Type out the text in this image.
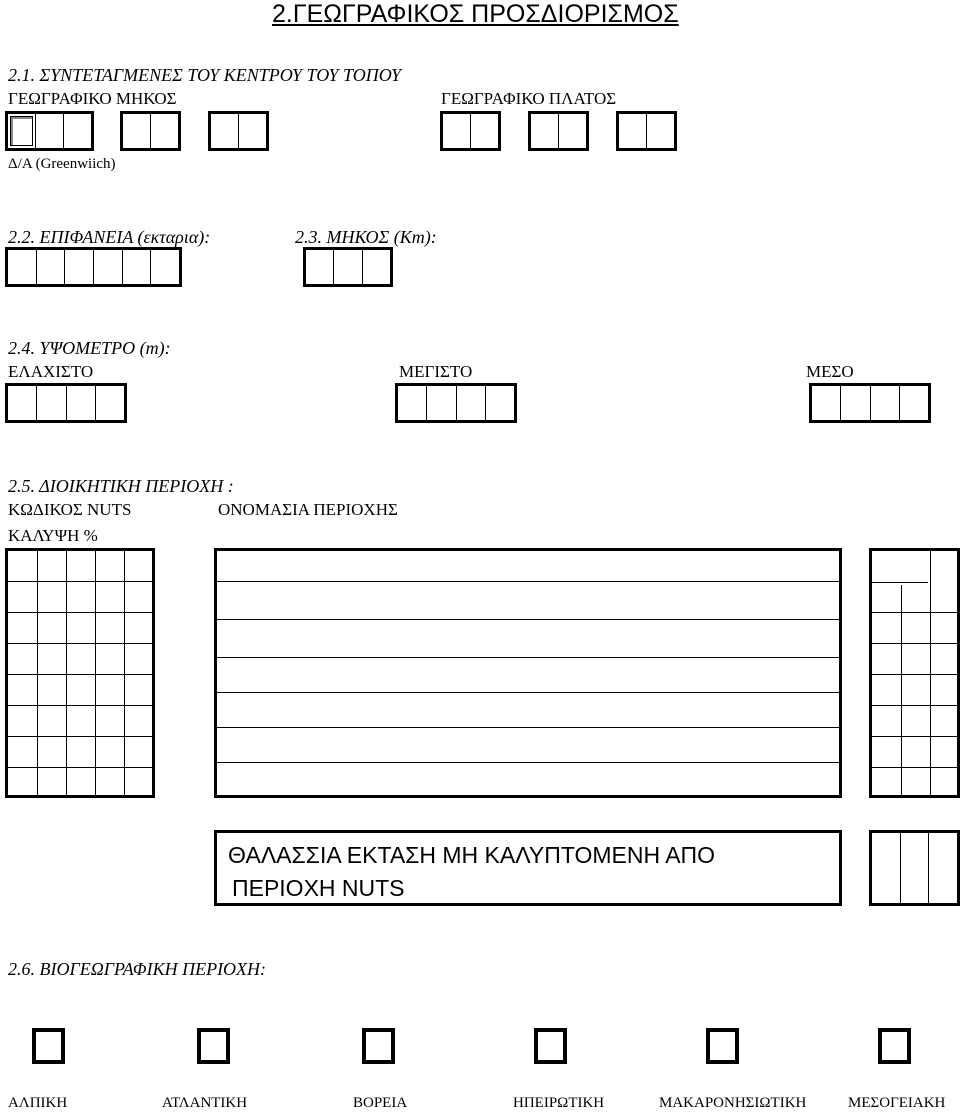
2.ΓΕΩΓΡΑΦΙΚΟΣ ΠΡΟΣΔΙΟΡΙΣΜΟΣ
2.1. ΣΥΝΤΕΤΑΓΜΕΝΕΣ ΤΟΥ ΚΕΝΤΡΟΥ ΤΟΥ ΤΟΠΟΥ
ΓΕΩΓΡΑΦΙΚΟ ΜΗΚΟΣ	ΓΕΩΓΡΑΦΙΚΟ ΠΛΑΤΟΣ
Δ/Α (Greenwiich)
2.2. ΕΠΙΦΑΝΕΙΑ (εκταρια):	2.3. ΜΗΚΟΣ (Km):
2.4. ΥΨΟΜΕΤΡΟ (m):
ΕΛΑΧΙΣΤΟ	ΜΕΓΙΣΤΟ	ΜΕΣΟ
2.5. ΔΙΟΙΚΗΤΙΚΗ ΠΕΡΙΟΧΗ :
ΚΩΔΙΚΟΣ NUTS	ΟΝΟΜΑΣΙΑ ΠΕΡΙΟΧΗΣ
ΚΑΛΥΨΗ %
ΘΑΛΑΣΣΙΑ ΕΚΤΑΣΗ ΜΗ ΚΑΛΥΠΤΟΜΕΝΗ ΑΠΟ
ΠΕΡΙΟΧΗ NUTS
2.6. ΒΙΟΓΕΩΓΡΑΦΙΚΗ ΠΕΡΙΟΧΗ:
ΑΛΠΙΚΗ	ΑΤΛΑΝΤΙΚΗ	ΒΟΡΕΙΑ	ΗΠΕΙΡΩΤΙΚΗ	ΜΑΚΑΡΟΝΗΣΙΩΤΙΚΗ	ΜΕΣΟΓΕΙΑΚΗ
